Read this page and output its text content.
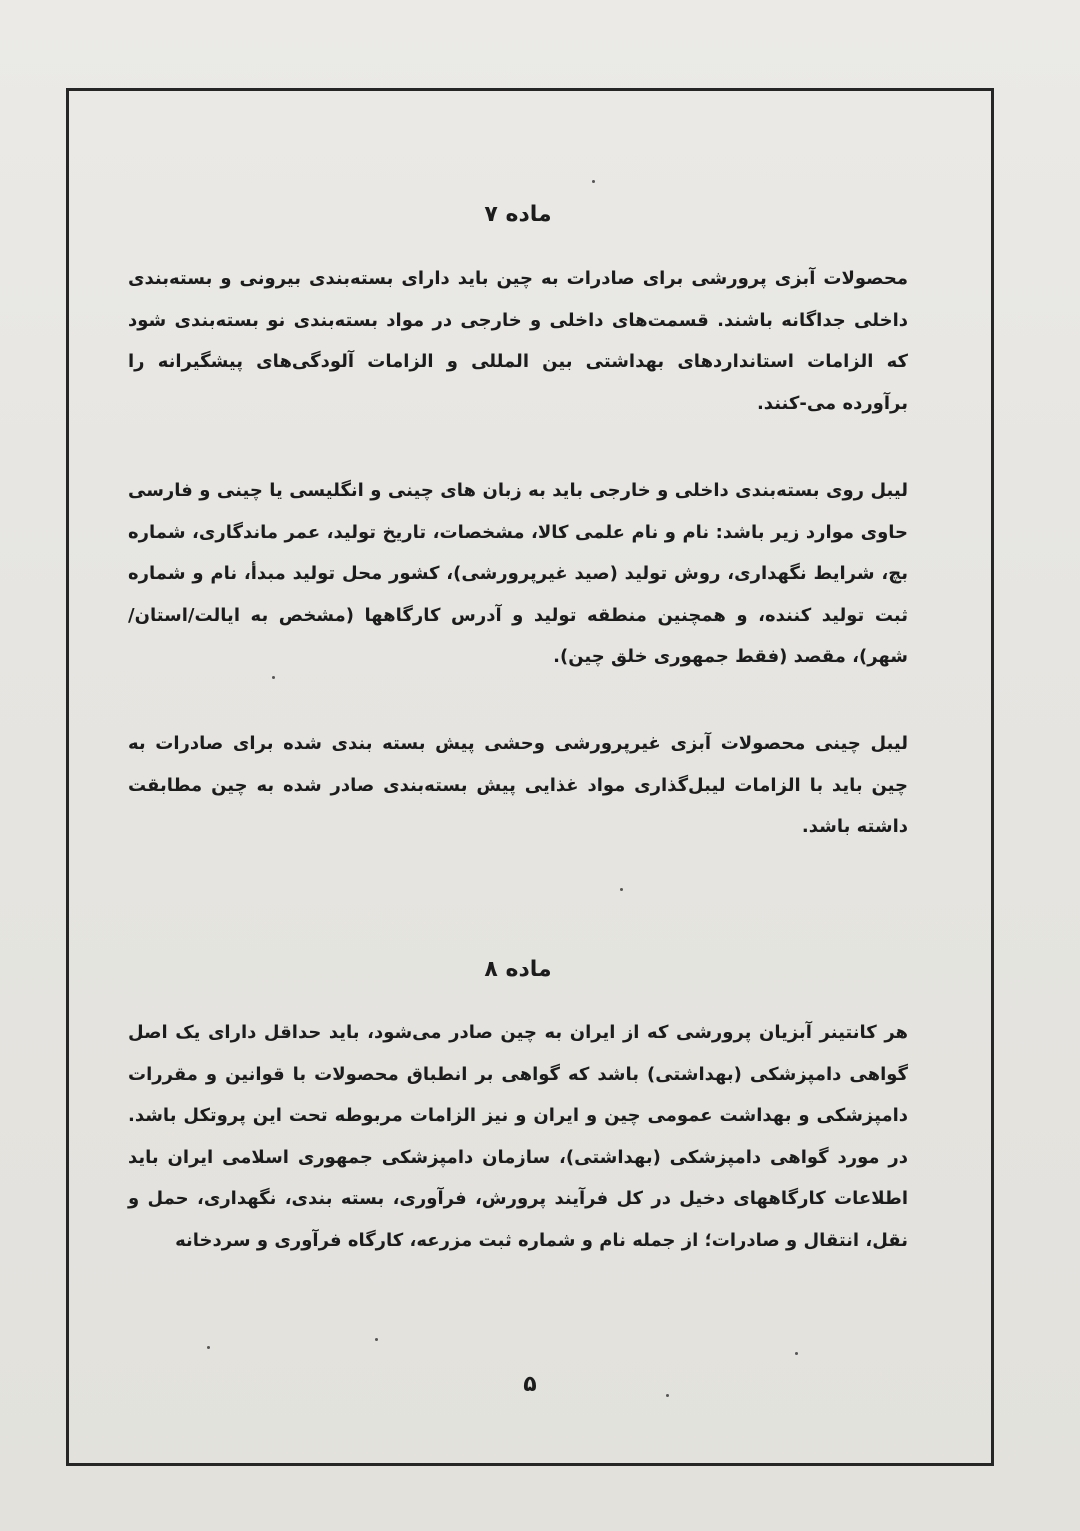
ماده ۷
محصولات آبزی پرورشی برای صادرات به چین باید دارای بسته‌بندی بیرونی و بسته‌بندی داخلی جداگانه باشند. قسمت‌های داخلی و خارجی در مواد بسته‌بندی نو بسته‌بندی شود که الزامات استانداردهای بهداشتی بین المللی و الزامات آلودگی‌های پیشگیرانه را برآورده می-کنند.
لیبل روی بسته‌بندی داخلی و خارجی باید به زبان های چینی و انگلیسی یا چینی و فارسی حاوی موارد زیر باشد: نام و نام علمی کالا، مشخصات، تاریخ تولید، عمر ماندگاری، شماره بچ، شرایط نگهداری، روش تولید (صید غیرپرورشی)، کشور محل تولید مبدأ، نام و شماره ثبت تولید کننده، و همچنین منطقه تولید و آدرس کارگاهها (مشخص به ایالت/استان/شهر)، مقصد (فقط جمهوری خلق چین).
لیبل چینی محصولات آبزی غیرپرورشی وحشی پیش بسته بندی شده برای صادرات به چین باید با الزامات لیبل‌گذاری مواد غذایی پیش بسته‌بندی صادر شده به چین مطابقت داشته باشد.
ماده ۸
هر کانتینر آبزیان پرورشی که از ایران به چین صادر می‌شود، باید حداقل دارای یک اصل گواهی دامپزشکی (بهداشتی) باشد که گواهی بر انطباق محصولات با قوانین و مقررات دامپزشکی و بهداشت عمومی چین و ایران و نیز الزامات مربوطه تحت این پروتکل باشد. در مورد گواهی دامپزشکی (بهداشتی)، سازمان دامپزشکی جمهوری اسلامی ایران باید اطلاعات کارگاههای دخیل در کل فرآیند پرورش، فرآوری، بسته بندی، نگهداری، حمل و نقل، انتقال و صادرات؛ از جمله نام و شماره ثبت مزرعه، کارگاه فرآوری و سردخانه
۵
